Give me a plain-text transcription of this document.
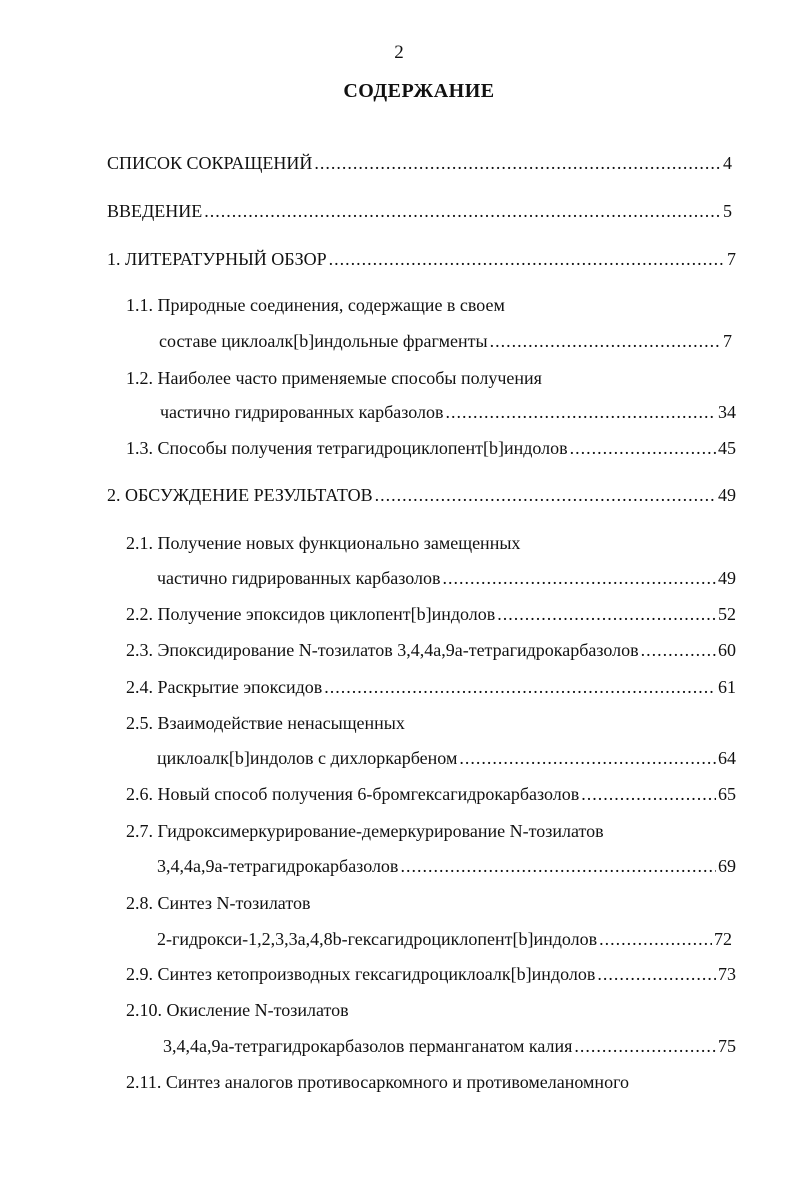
2
СОДЕРЖАНИЕ
СПИСОК СОКРАЩЕНИЙ .....	4
ВВЕДЕНИЕ .....	5
1. ЛИТЕРАТУРНЫЙ ОБЗОР .....	7
1.1. Природные соединения, содержащие в своем
составе циклоалк[b]индольные фрагменты .....	7
1.2. Наиболее часто применяемые способы получения
частично гидрированных карбазолов .....	34
1.3. Способы получения тетрагидроциклопент[b]индолов .....	45
2. ОБСУЖДЕНИЕ РЕЗУЛЬТАТОВ .....	49
2.1. Получение новых функционально замещенных
частично гидрированных карбазолов .....	49
2.2. Получение эпоксидов циклопент[b]индолов .....	52
2.3. Эпоксидирование N-тозилатов 3,4,4а,9а-тетрагидрокарбазолов .....	60
2.4. Раскрытие эпоксидов .....	61
2.5. Взаимодействие ненасыщенных
циклоалк[b]индолов с дихлоркарбеном .....	64
2.6. Новый способ получения 6-бромгексагидрокарбазолов .....	65
2.7. Гидроксимеркурирование-демеркурирование N-тозилатов
3,4,4а,9а-тетрагидрокарбазолов .....	69
2.8. Синтез N-тозилатов
2-гидрокси-1,2,3,3а,4,8b-гексагидроциклопент[b]индолов .....	72
2.9. Синтез кетопроизводных гексагидроциклоалк[b]индолов .....	73
2.10. Окисление N-тозилатов
3,4,4а,9а-тетрагидрокарбазолов перманганатом калия .....	75
2.11. Синтез аналогов противосаркомного и противомеланомного
